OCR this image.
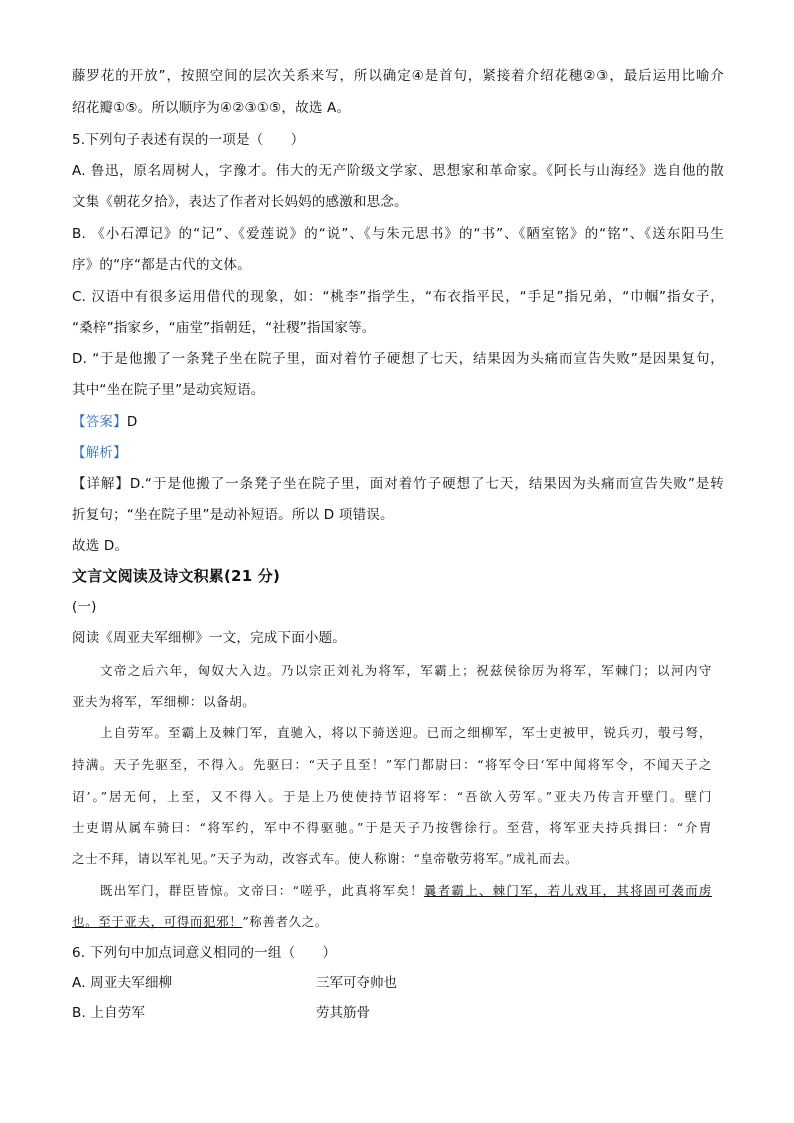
藤罗花的开放”，按照空间的层次关系来写，所以确定④是首句，紧接着介绍花穗②③，最后运用比喻介
绍花瓣①⑤。所以顺序为④②③①⑤，故选 A。
5.下列句子表述有误的一项是（　　）
A. 鲁迅，原名周树人，字豫才。伟大的无产阶级文学家、思想家和革命家。《阿长与山海经》选自他的散
文集《朝花夕拾》，表达了作者对长妈妈的感激和思念。
B. 《小石潭记》的“记”、《爱莲说》的“说”、《与朱元思书》的“书”、《陋室铭》的“铭”、《送东阳马生
序》的“序“都是古代的文体。
C. 汉语中有很多运用借代的现象，如：“桃李”指学生，“布衣指平民，“手足”指兄弟，“巾帼”指女子，
“桑梓”指家乡，“庙堂”指朝廷，“社稷”指国家等。
D. “于是他搬了一条凳子坐在院子里，面对着竹子硬想了七天，结果因为头痛而宣告失败”是因果复句，
其中“坐在院子里”是动宾短语。
【答案】D
【解析】
【详解】D.“于是他搬了一条凳子坐在院子里，面对着竹子硬想了七天，结果因为头痛而宣告失败”是转
折复句；“坐在院子里”是动补短语。所以 D 项错误。
故选 D。
文言文阅读及诗文积累(21 分)
(一)
阅读《周亚夫军细柳》一文，完成下面小题。
文帝之后六年，匈奴大入边。乃以宗正刘礼为将军，军霸上；祝兹侯徐厉为将军，军棘门；以河内守
亚夫为将军，军细柳：以备胡。
上自劳军。至霸上及棘门军，直驰入，将以下骑送迎。已而之细柳军，军士吏被甲，锐兵刃，彀弓弩，
持满。天子先驱至，不得入。先驱曰：“天子且至！”军门都尉曰：“将军令曰‘军中闻将军令，不闻天子之
诏’。”居无何，上至，又不得入。于是上乃使使持节诏将军：“吾欲入劳军。”亚夫乃传言开壁门。壁门
士吏谓从属车骑曰：“将军约，军中不得驱驰。”于是天子乃按辔徐行。至营，将军亚夫持兵揖曰：“介胄
之士不拜，请以军礼见。”天子为动，改容式车。使人称谢：“皇帝敬劳将军。”成礼而去。
既出军门，群臣皆惊。文帝曰：“嗟乎，此真将军矣！曩者霸上、棘门军，若儿戏耳，其将固可袭而虏
也。至于亚夫，可得而犯邪！”称善者久之。
6. 下列句中加点词意义相同的一组（　　）
A. 周亚夫军细柳	三军可夺帅也
B. 上自劳军	劳其筋骨
